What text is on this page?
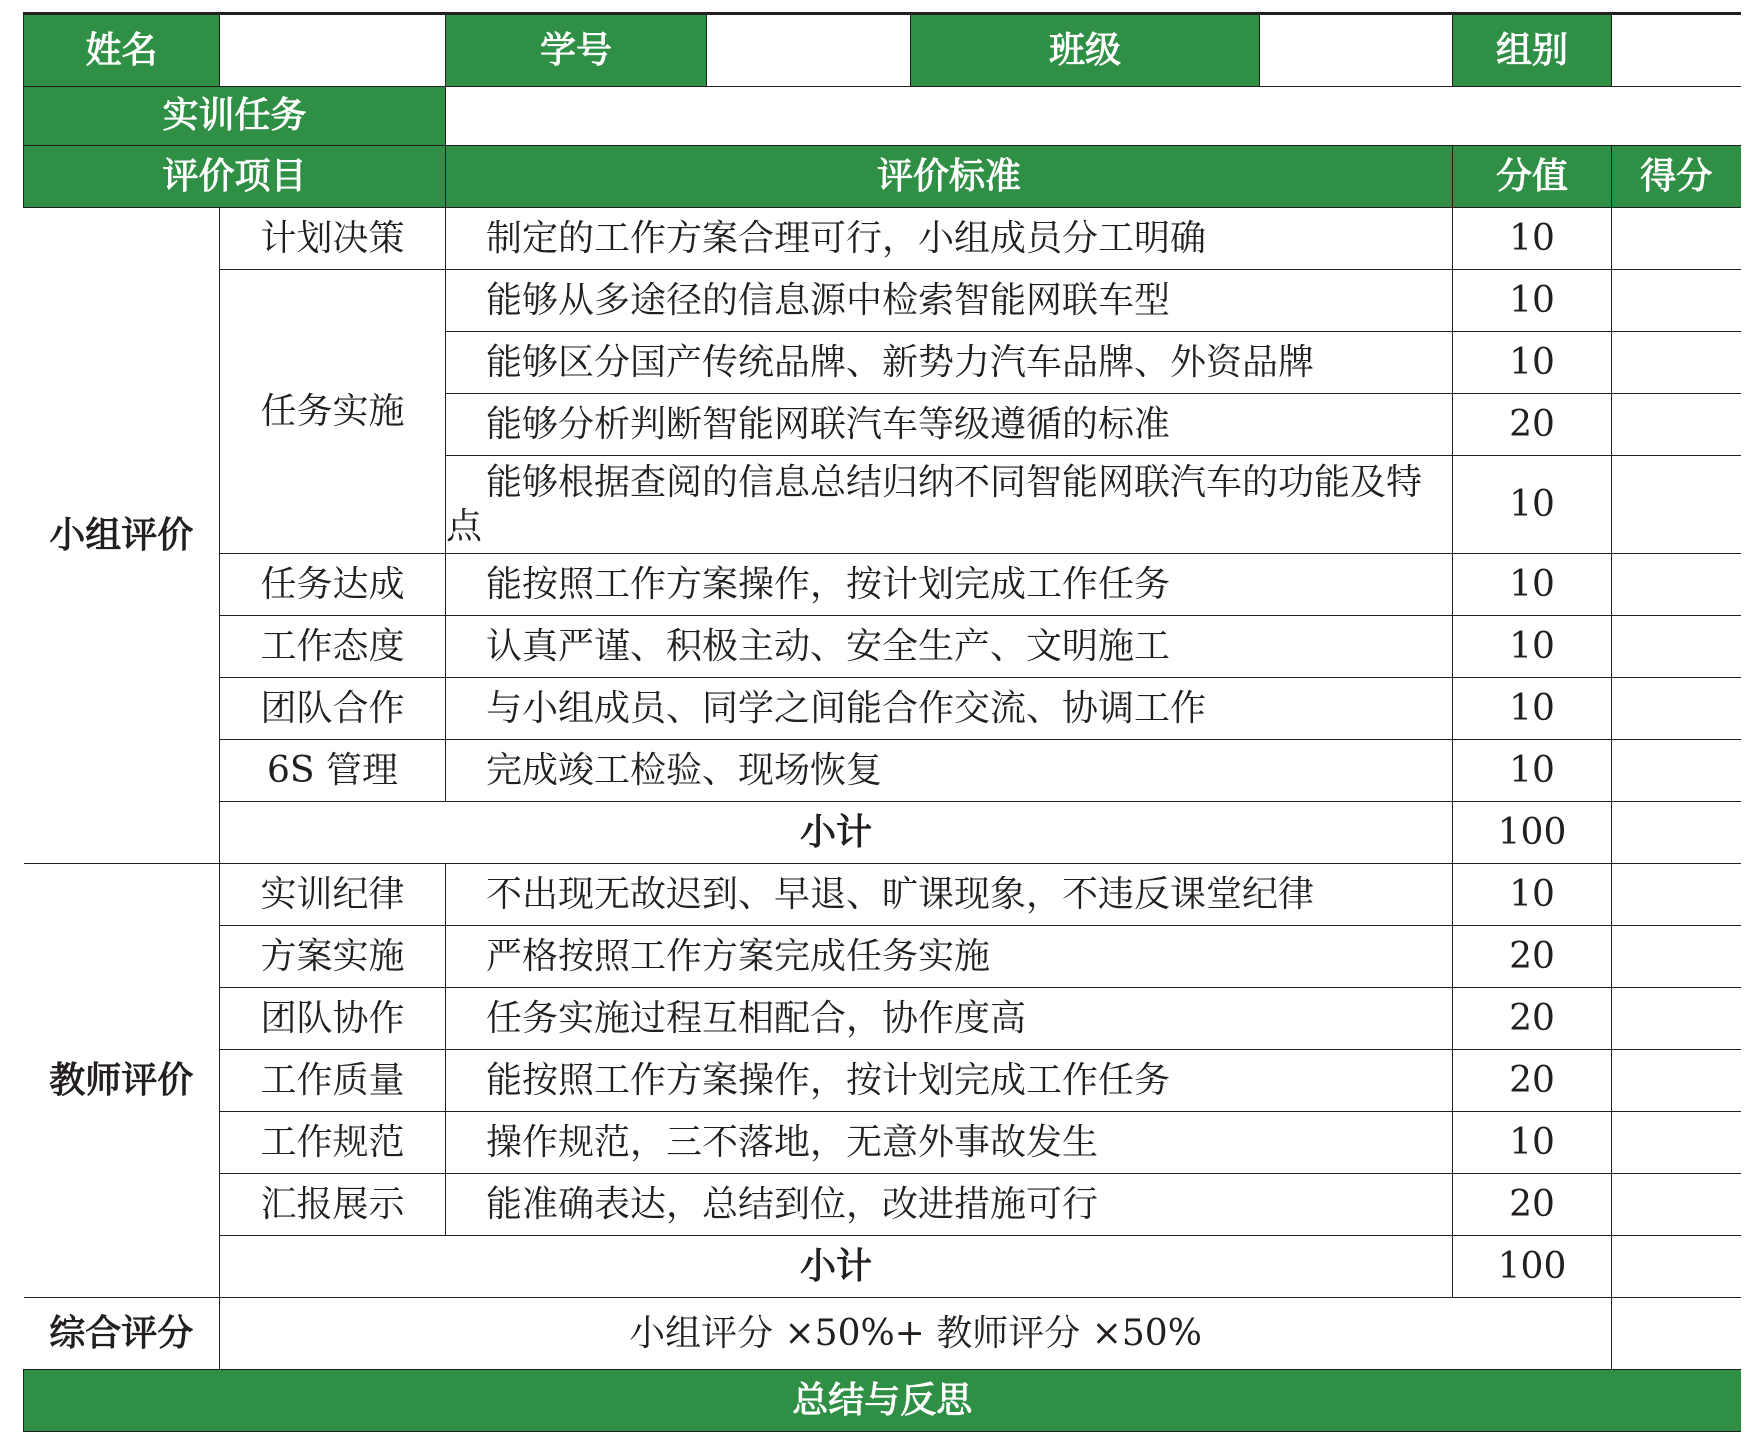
姓名		学号		班级		组别	
实训任务							
评价项目		评价标准				分值	得分
小组评价	计划决策	制定的工作方案合理可行，小组成员分工明确				10	
	任务实施	能够从多途径的信息源中检索智能网联车型				10	
		能够区分国产传统品牌、新势力汽车品牌、外资品牌				10	
		能够分析判断智能网联汽车等级遵循的标准				20	
		能够根据查阅的信息总结归纳不同智能网联汽车的功能及特点				10	
	任务达成	能按照工作方案操作，按计划完成工作任务				10	
	工作态度	认真严谨、积极主动、安全生产、文明施工				10	
	团队合作	与小组成员、同学之间能合作交流、协调工作				10	
	6S 管理	完成竣工检验、现场恢复				10	
	小计					100	
教师评价	实训纪律	不出现无故迟到、早退、旷课现象，不违反课堂纪律				10	
	方案实施	严格按照工作方案完成任务实施				20	
	团队协作	任务实施过程互相配合，协作度高				20	
	工作质量	能按照工作方案操作，按计划完成工作任务				20	
	工作规范	操作规范，三不落地，无意外事故发生				10	
	汇报展示	能准确表达，总结到位，改进措施可行				20	
	小计					100	
综合评分	小组评分 ×50%+ 教师评分 ×50%						
总结与反思							
